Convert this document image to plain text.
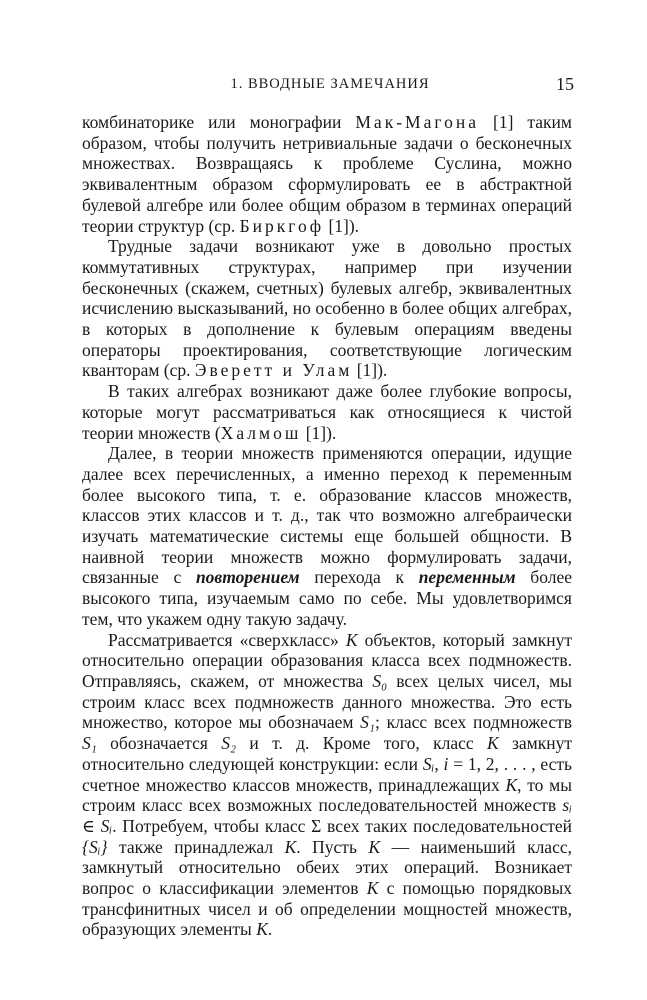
1. ВВОДНЫЕ ЗАМЕЧАНИЯ	15

комбинаторике или монографии Мак-Магона [1] таким образом, чтобы получить нетривиальные задачи о бесконечных множествах. Возвращаясь к проблеме Суслина, можно эквивалентным образом сформулировать ее в абстрактной булевой алгебре или более общим образом в терминах операций теории структур (ср. Биркгоф [1]).

Трудные задачи возникают уже в довольно простых коммутативных структурах, например при изучении бесконечных (скажем, счетных) булевых алгебр, эквивалентных исчислению высказываний, но особенно в более общих алгебрах, в которых в дополнение к булевым операциям введены операторы проектирования, соответствующие логическим кванторам (ср. Эверетт и Улам [1]).

В таких алгебрах возникают даже более глубокие вопросы, которые могут рассматриваться как относящиеся к чистой теории множеств (Халмош [1]).

Далее, в теории множеств применяются операции, идущие далее всех перечисленных, а именно переход к переменным более высокого типа, т. е. образование классов множеств, классов этих классов и т. д., так что возможно алгебраически изучать математические системы еще большей общности. В наивной теории множеств можно формулировать задачи, связанные с повторением перехода к переменным более высокого типа, изучаемым само по себе. Мы удовлетворимся тем, что укажем одну такую задачу.

Рассматривается «сверхкласс» K объектов, который замкнут относительно операции образования класса всех подмножеств. Отправляясь, скажем, от множества S₀ всех целых чисел, мы строим класс всех подмножеств данного множества. Это есть множество, которое мы обозначаем S₁; класс всех подмножеств S₁ обозначается S₂ и т. д. Кроме того, класс K замкнут относительно следующей конструкции: если Sᵢ, i = 1, 2, . . . , есть счетное множество классов множеств, принадлежащих K, то мы строим класс всех возможных последовательностей множеств sᵢ ∈ Sᵢ. Потребуем, чтобы класс Σ всех таких последовательностей {Sᵢ} также принадлежал K. Пусть K — наименьший класс, замкнутый относительно обеих этих операций. Возникает вопрос о классификации элементов K с помощью порядковых трансфинитных чисел и об определении мощностей множеств, образующих элементы K.
